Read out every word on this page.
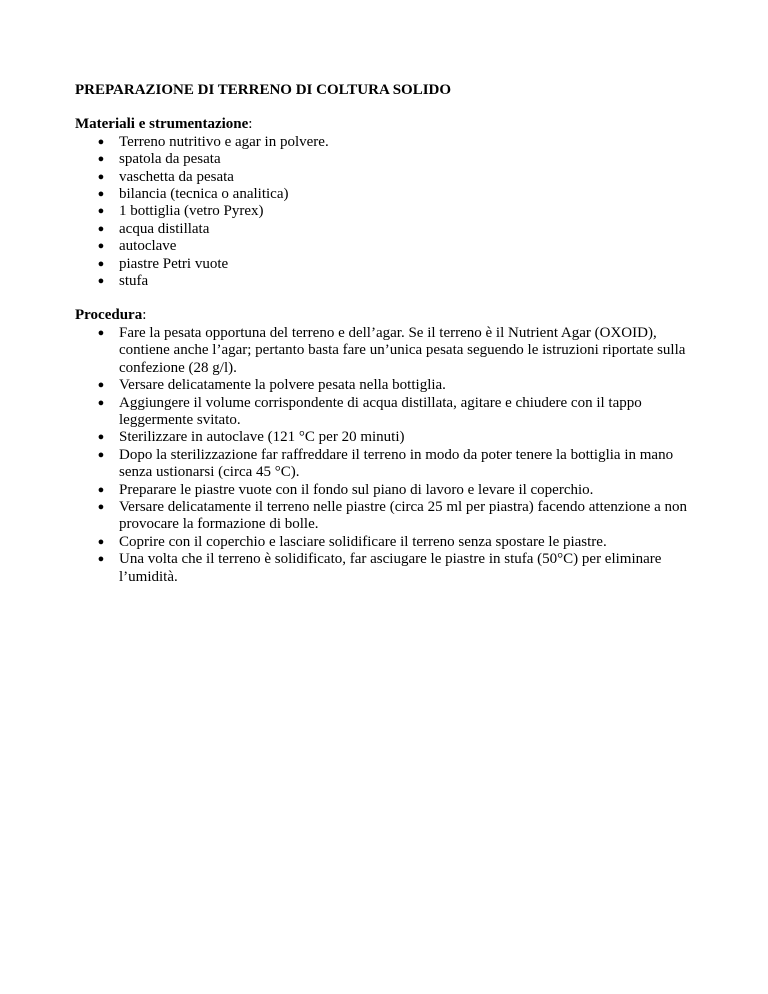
PREPARAZIONE DI TERRENO DI COLTURA SOLIDO

Materiali e strumentazione:

● Terreno nutritivo e agar in polvere.
● spatola da pesata
● vaschetta da pesata
● bilancia (tecnica o analitica)
● 1 bottiglia (vetro Pyrex)
● acqua distillata
● autoclave
● piastre Petri vuote
● stufa

Procedura:

● Fare la pesata opportuna del terreno e dell’agar. Se il terreno è il Nutrient Agar (OXOID), contiene anche l’agar; pertanto basta fare un’unica pesata seguendo le istruzioni riportate sulla confezione (28 g/l).
● Versare delicatamente la polvere pesata nella bottiglia.
● Aggiungere il volume corrispondente di acqua distillata, agitare e chiudere con il tappo leggermente svitato.
● Sterilizzare in autoclave (121 °C per 20 minuti)
● Dopo la sterilizzazione far raffreddare il terreno in modo da poter tenere la bottiglia in mano senza ustionarsi (circa 45 °C).
● Preparare le piastre vuote con il fondo sul piano di lavoro e levare il coperchio.
● Versare delicatamente il terreno nelle piastre (circa 25 ml per piastra) facendo attenzione a non provocare la formazione di bolle.
● Coprire con il coperchio e lasciare solidificare il terreno senza spostare le piastre.
● Una volta che il terreno è solidificato, far asciugare le piastre in stufa (50°C) per eliminare l’umidità.
